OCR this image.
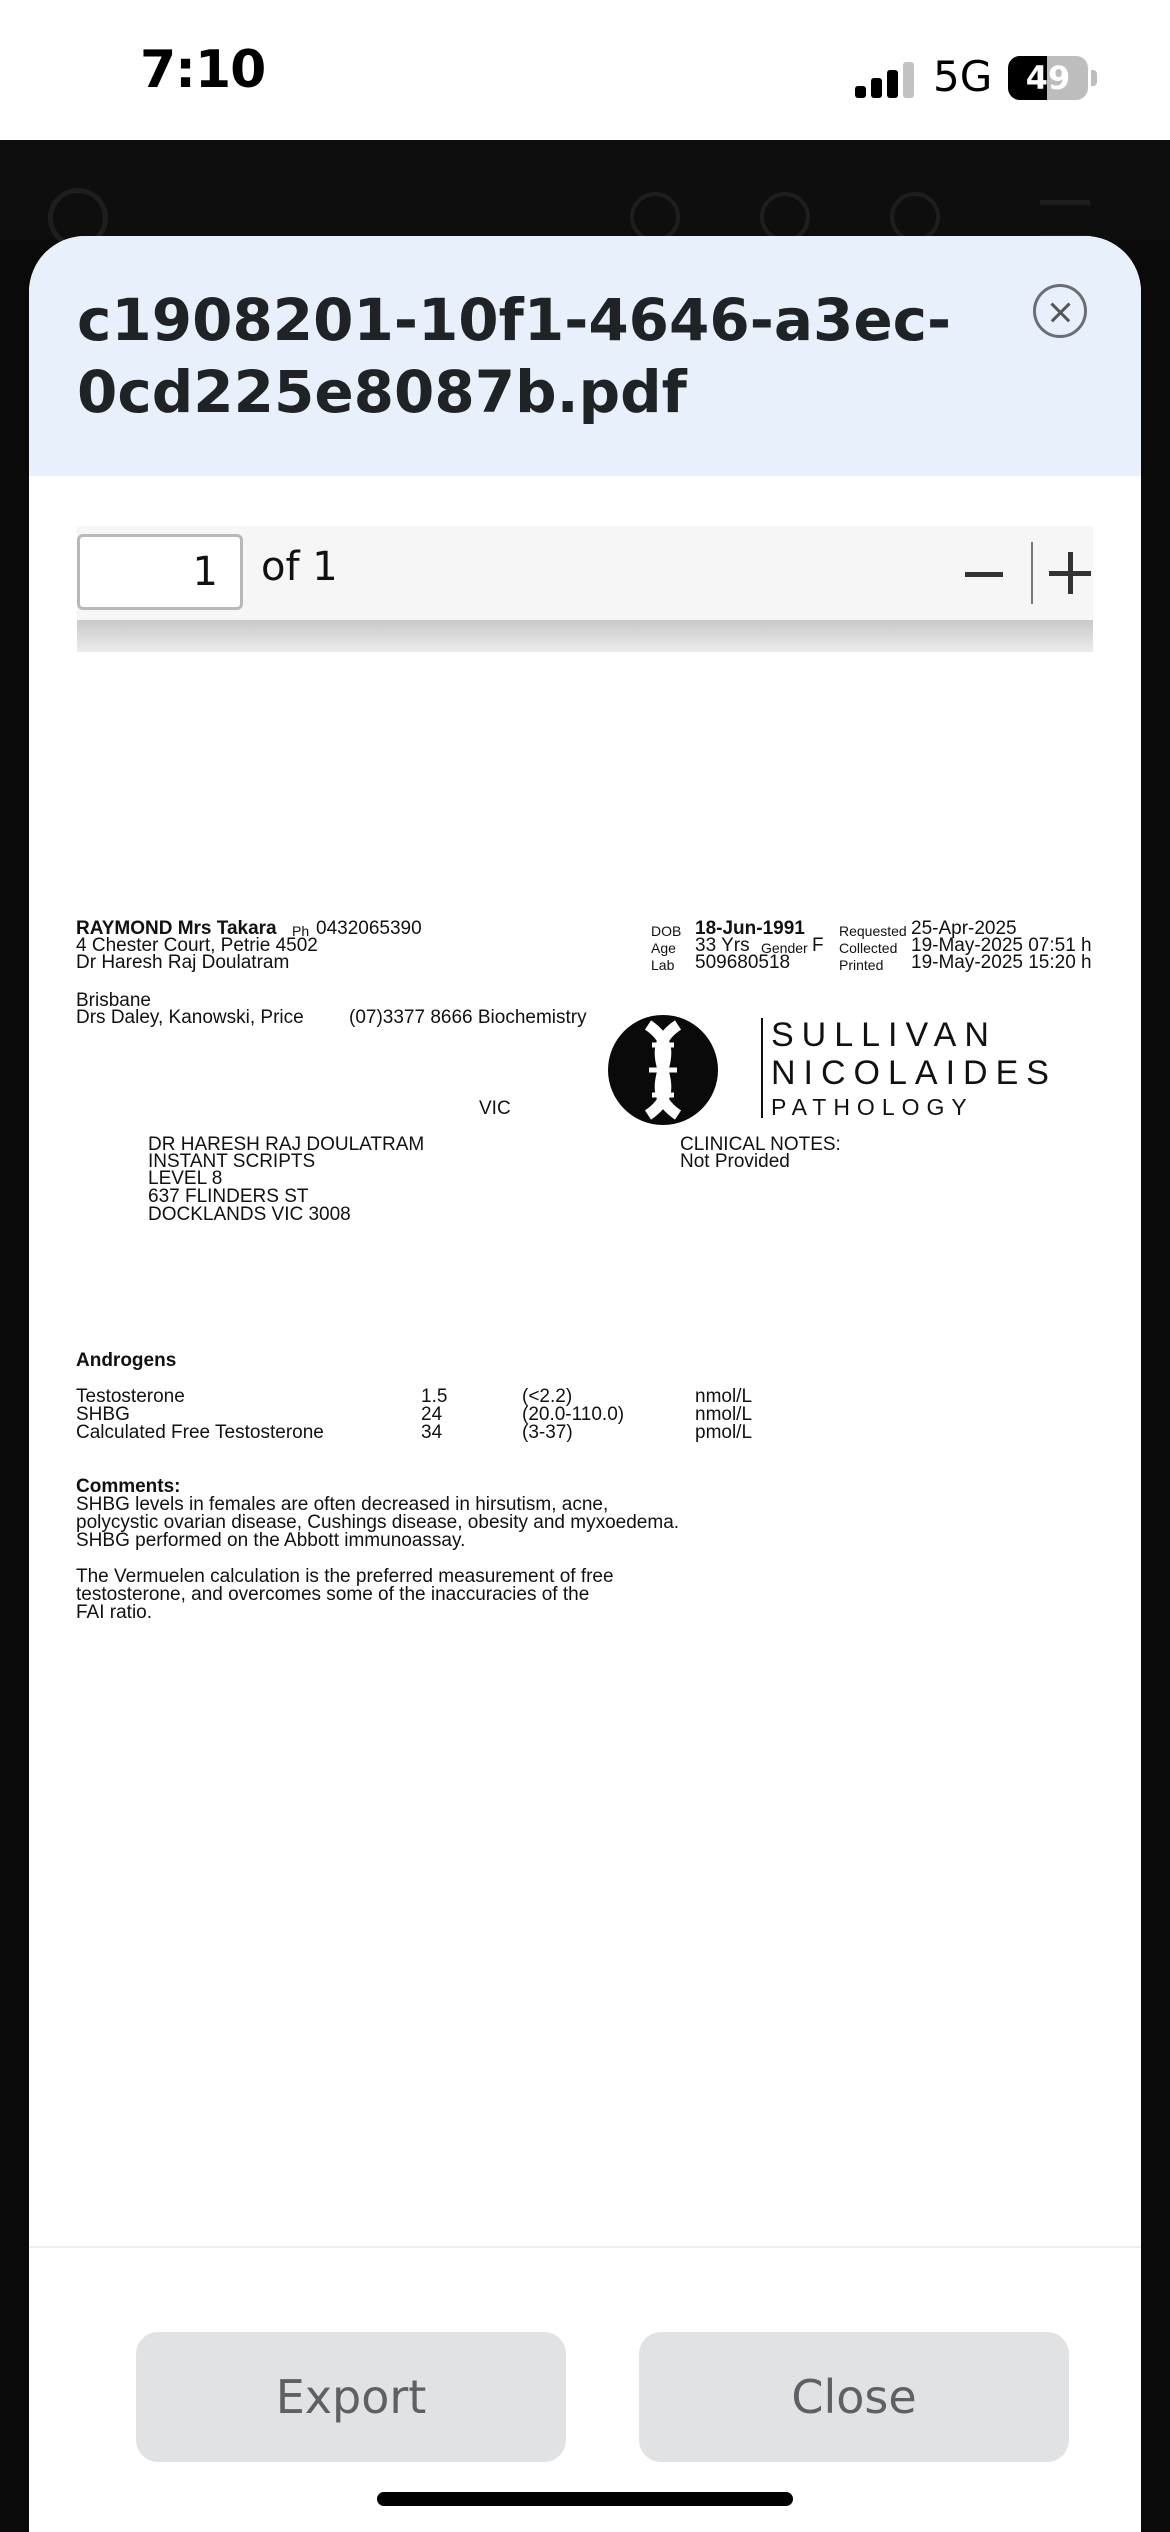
7:10	5G	49
c1908201-10f1-4646-a3ec-0cd225e8087b.pdf
1	of 1
RAYMOND Mrs Takara Ph 0432065390
4 Chester Court, Petrie 4502
Dr Haresh Raj Doulatram
DOB 18-Jun-1991
Age 33 Yrs Gender F
Lab 509680518
Requested 25-Apr-2025
Collected 19-May-2025 07:51 h
Printed 19-May-2025 15:20 h
Brisbane
Drs Daley, Kanowski, Price (07)3377 8666 Biochemistry
VIC
SULLIVAN
NICOLAIDES
PATHOLOGY
DR HARESH RAJ DOULATRAM
INSTANT SCRIPTS
LEVEL 8
637 FLINDERS ST
DOCKLANDS VIC 3008
CLINICAL NOTES:
Not Provided
Androgens
Testosterone	1.5	(<2.2)	nmol/L
SHBG	24	(20.0-110.0)	nmol/L
Calculated Free Testosterone	34	(3-37)	pmol/L
Comments:
SHBG levels in females are often decreased in hirsutism, acne,
polycystic ovarian disease, Cushings disease, obesity and myxoedema.
SHBG performed on the Abbott immunoassay.
The Vermuelen calculation is the preferred measurement of free
testosterone, and overcomes some of the inaccuracies of the
FAI ratio.
Export	Close
